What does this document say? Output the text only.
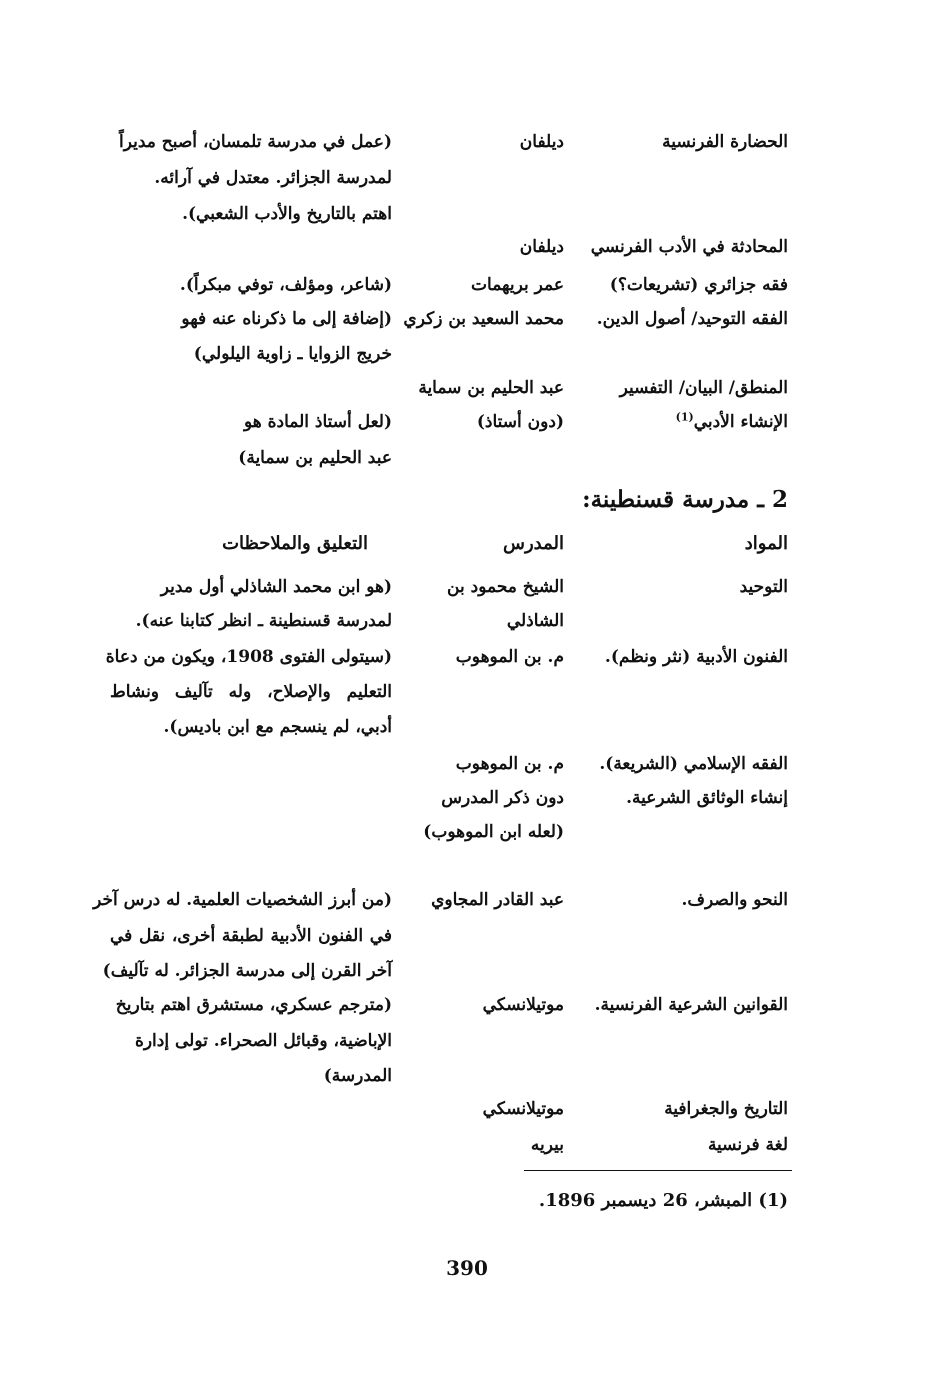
الحضارة الفرنسية
ديلفان
(عمل في مدرسة تلمسان، أصبح مديراً
لمدرسة الجزائر. معتدل في آرائه.
اهتم بالتاريخ والأدب الشعبي).
المحادثة في الأدب الفرنسي
ديلفان
فقه جزائري (تشريعات؟)
عمر بريهمات
(شاعر، ومؤلف، توفي مبكراً).
الفقه التوحيد/ أصول الدين.
محمد السعيد بن زكري
(إضافة إلى ما ذكرناه عنه فهو
خريج الزوايا ـ زاوية اليلولي)
المنطق/ البيان/ التفسير
عبد الحليم بن سماية
الإنشاء الأدبي$^{(1)}$
(دون أستاذ)
(لعل أستاذ المادة هو
عبد الحليم بن سماية)
2 ـ مدرسة قسنطينة:
المواد
المدرس
التعليق والملاحظات
التوحيد
الشيخ محمود بن
الشاذلي
(هو ابن محمد الشاذلي أول مدير
لمدرسة قسنطينة ـ انظر كتابنا عنه).
الفنون الأدبية (نثر ونظم).
م. بن الموهوب
(سيتولى الفتوى 1908، ويكون من دعاة
التعليم والإصلاح، وله تآليف ونشاط
أدبي، لم ينسجم مع ابن باديس).
الفقه الإسلامي (الشريعة).
إنشاء الوثائق الشرعية.
م. بن الموهوب
دون ذكر المدرس
(لعله ابن الموهوب)
النحو والصرف.
عبد القادر المجاوي
(من أبرز الشخصيات العلمية. له درس آخر
في الفنون الأدبية لطبقة أخرى، نقل في
آخر القرن إلى مدرسة الجزائر. له تآليف)
القوانين الشرعية الفرنسية.
موتيلانسكي
(مترجم عسكري، مستشرق اهتم بتاريخ
الإباضية، وقبائل الصحراء. تولى إدارة
المدرسة)
التاريخ والجغرافية
لغة فرنسية
موتيلانسكي
بيريه
(1) المبشر، 26 ديسمبر 1896.
390
